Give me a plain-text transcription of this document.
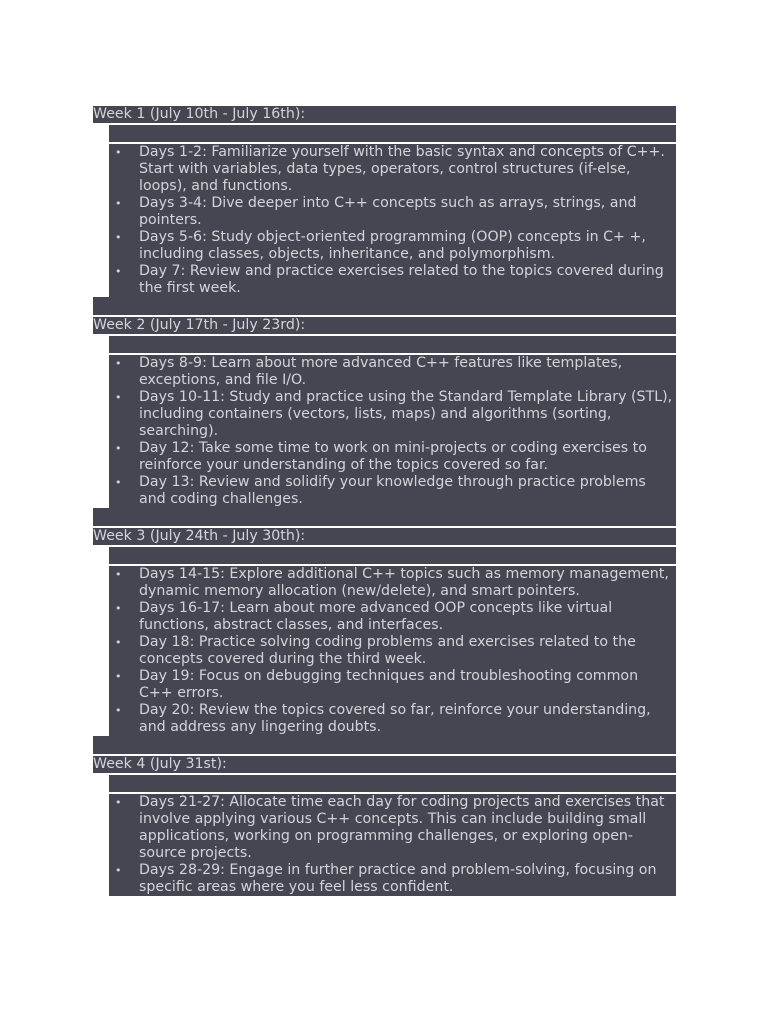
Week 1 (July 10th - July 16th):
• Days 1-2: Familiarize yourself with the basic syntax and concepts of C++. Start with variables, data types, operators, control structures (if-else, loops), and functions.
• Days 3-4: Dive deeper into C++ concepts such as arrays, strings, and pointers.
• Days 5-6: Study object-oriented programming (OOP) concepts in C+ +, including classes, objects, inheritance, and polymorphism.
• Day 7: Review and practice exercises related to the topics covered during the first week.
Week 2 (July 17th - July 23rd):
• Days 8-9: Learn about more advanced C++ features like templates, exceptions, and file I/O.
• Days 10-11: Study and practice using the Standard Template Library (STL), including containers (vectors, lists, maps) and algorithms (sorting, searching).
• Day 12: Take some time to work on mini-projects or coding exercises to reinforce your understanding of the topics covered so far.
• Day 13: Review and solidify your knowledge through practice problems and coding challenges.
Week 3 (July 24th - July 30th):
• Days 14-15: Explore additional C++ topics such as memory management, dynamic memory allocation (new/delete), and smart pointers.
• Days 16-17: Learn about more advanced OOP concepts like virtual functions, abstract classes, and interfaces.
• Day 18: Practice solving coding problems and exercises related to the concepts covered during the third week.
• Day 19: Focus on debugging techniques and troubleshooting common C++ errors.
• Day 20: Review the topics covered so far, reinforce your understanding, and address any lingering doubts.
Week 4 (July 31st):
• Days 21-27: Allocate time each day for coding projects and exercises that involve applying various C++ concepts. This can include building small applications, working on programming challenges, or exploring open-source projects.
• Days 28-29: Engage in further practice and problem-solving, focusing on specific areas where you feel less confident.
